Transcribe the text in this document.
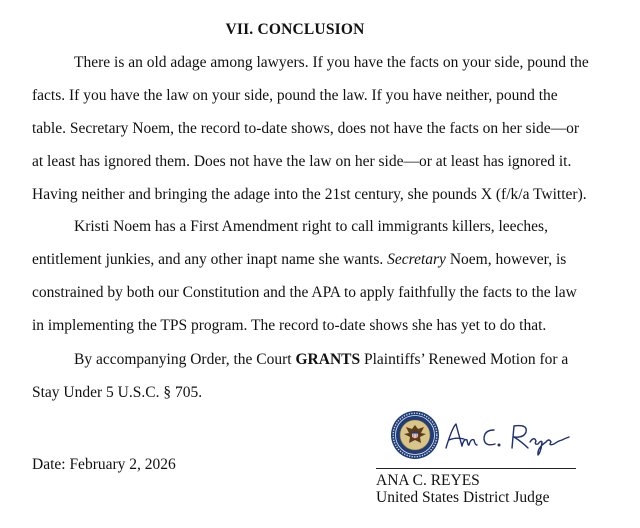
VII. CONCLUSION

There is an old adage among lawyers. If you have the facts on your side, pound the facts. If you have the law on your side, pound the law. If you have neither, pound the table. Secretary Noem, the record to-date shows, does not have the facts on her side—or at least has ignored them. Does not have the law on her side—or at least has ignored it. Having neither and bringing the adage into the 21st century, she pounds X (f/k/a Twitter).

Kristi Noem has a First Amendment right to call immigrants killers, leeches, entitlement junkies, and any other inapt name she wants. Secretary Noem, however, is constrained by both our Constitution and the APA to apply faithfully the facts to the law in implementing the TPS program. The record to-date shows she has yet to do that.

By accompanying Order, the Court GRANTS Plaintiffs’ Renewed Motion for a Stay Under 5 U.S.C. § 705.

Date: February 2, 2026
ANA C. REYES
United States District Judge
